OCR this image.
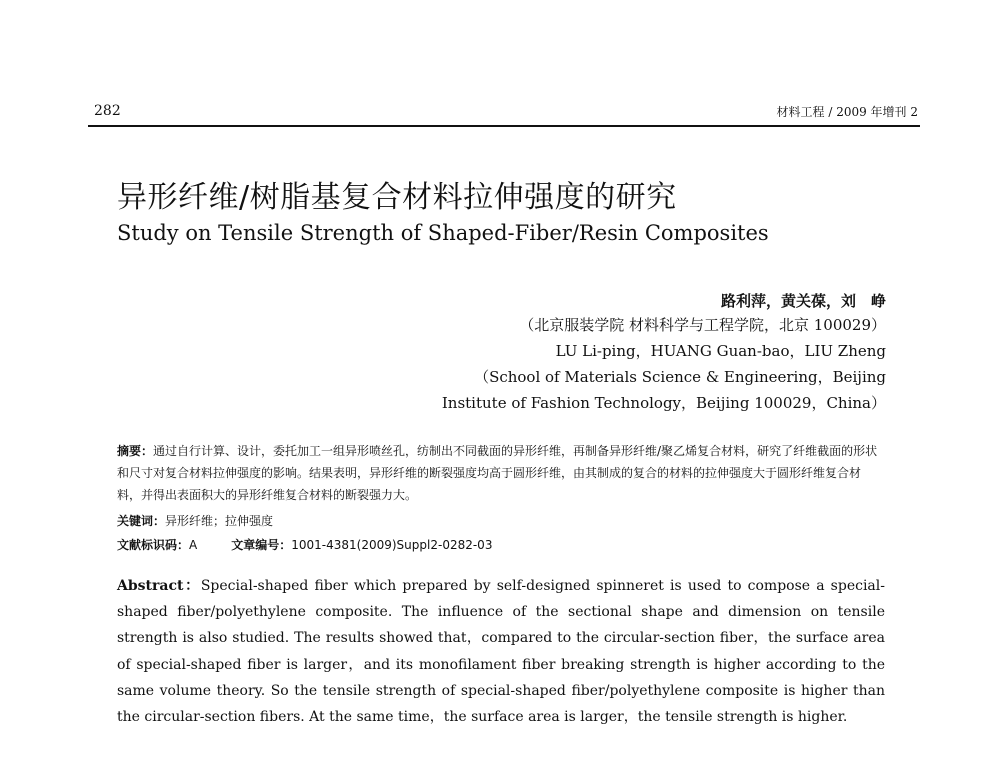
282	材料工程 / 2009 年增刊 2
异形纤维/树脂基复合材料拉伸强度的研究
Study on Tensile Strength of Shaped-Fiber/Resin Composites
路利萍，黄关葆，刘　峥
（北京服装学院 材料科学与工程学院，北京 100029）
LU Li-ping，HUANG Guan-bao，LIU Zheng
（School of Materials Science & Engineering，Beijing
Institute of Fashion Technology，Beijing 100029，China）
摘要：通过自行计算、设计，委托加工一组异形喷丝孔，纺制出不同截面的异形纤维，再制备异形纤维/聚乙烯复合材料，研究了纤维截面的形状和尺寸对复合材料拉伸强度的影响。结果表明，异形纤维的断裂强度均高于圆形纤维，由其制成的复合的材料的拉伸强度大于圆形纤维复合材料，并得出表面积大的异形纤维复合材料的断裂强力大。
关键词：异形纤维；拉伸强度
文献标识码：A	文章编号：1001-4381(2009)Suppl2-0282-03
Abstract：Special-shaped fiber which prepared by self-designed spinneret is used to compose a special-shaped fiber/polyethylene composite. The influence of the sectional shape and dimension on tensile strength is also studied. The results showed that，compared to the circular-section fiber，the surface area of special-shaped fiber is larger，and its monofilament fiber breaking strength is higher according to the same volume theory. So the tensile strength of special-shaped fiber/polyethylene composite is higher than the circular-section fibers. At the same time，the surface area is larger，the tensile strength is higher.
